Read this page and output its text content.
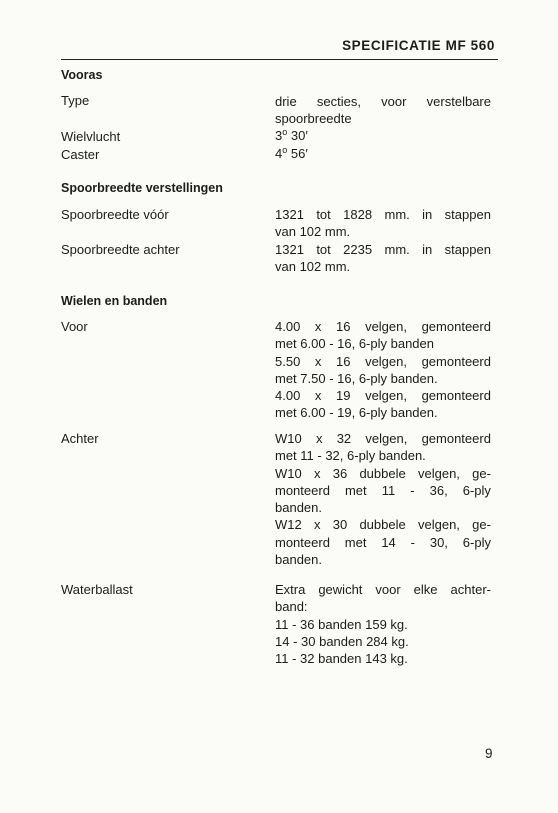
SPECIFICATIE MF 560
Vooras
Type	drie secties, voor verstelbare
spoorbreedte
Wielvlucht	3$^o$ 30′
Caster	4$^o$ 56′
Spoorbreedte verstellingen
Spoorbreedte vóór	1321 tot 1828 mm. in stappen
van 102 mm.
Spoorbreedte achter	1321 tot 2235 mm. in stappen
van 102 mm.
Wielen en banden
Voor	4.00 x 16 velgen, gemonteerd
met 6.00 - 16, 6-ply banden
5.50 x 16 velgen, gemonteerd
met 7.50 - 16, 6-ply banden.
4.00 x 19 velgen, gemonteerd
met 6.00 - 19, 6-ply banden.
Achter	W10 x 32 velgen, gemonteerd
met 11 - 32, 6-ply banden.
W10 x 36 dubbele velgen, ge-
monteerd met 11 - 36, 6-ply
banden.
W12 x 30 dubbele velgen, ge-
monteerd met 14 - 30, 6-ply
banden.
Waterballast	Extra gewicht voor elke achter-
band:
11 - 36 banden 159 kg.
14 - 30 banden 284 kg.
11 - 32 banden 143 kg.
9
